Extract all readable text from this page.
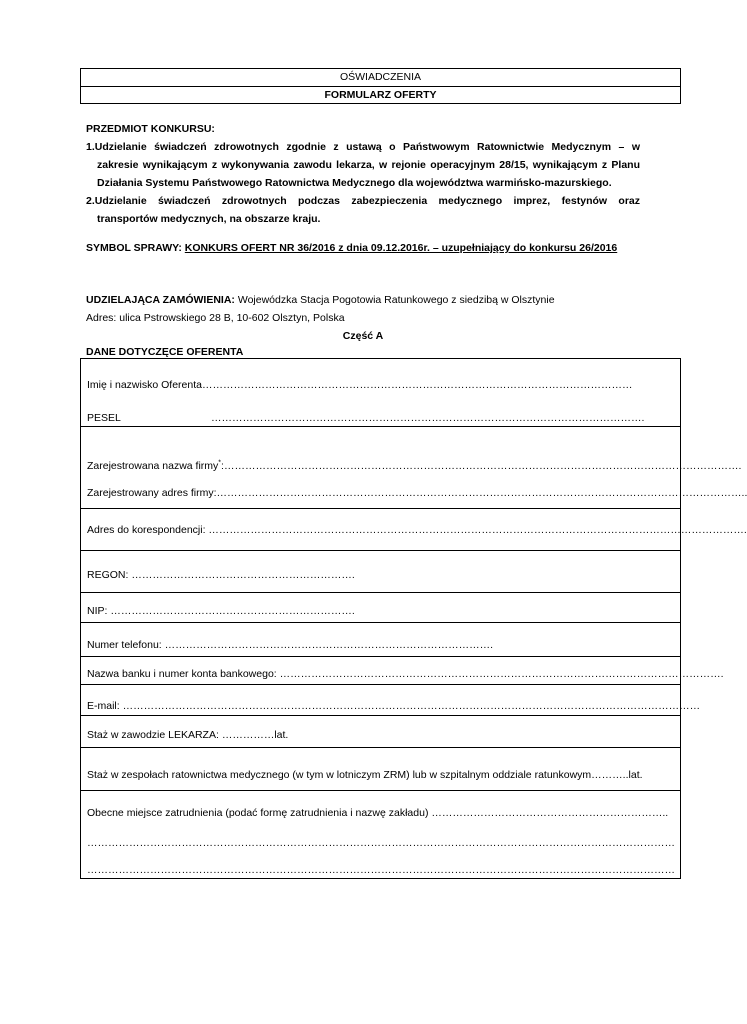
OŚWIADCZENIA
FORMULARZ OFERTY
PRZEDMIOT KONKURSU:
1.Udzielanie świadczeń zdrowotnych zgodnie z ustawą o Państwowym Ratownictwie Medycznym – w
zakresie wynikającym z wykonywania zawodu lekarza, w rejonie operacyjnym 28/15, wynikającym z Planu
Działania Systemu Państwowego Ratownictwa Medycznego dla województwa warmińsko-mazurskiego.
2.Udzielanie świadczeń zdrowotnych podczas zabezpieczenia medycznego imprez, festynów oraz
transportów medycznych, na obszarze kraju.
SYMBOL SPRAWY: KONKURS OFERT NR 36/2016 z dnia 09.12.2016r. – uzupełniający do konkursu 26/2016
UDZIELAJĄCA ZAMÓWIENIA: Wojewódzka Stacja Pogotowia Ratunkowego z siedzibą w Olsztynie
Adres: ulica Pstrowskiego 28 B, 10-602 Olsztyn, Polska
Część A
DANE DOTYCZĘCE OFERENTA
Imię i nazwisko Oferenta……………………………………………………………………………………………………………
PESEL	…………………………………………………………………………………………………………….
Zarejestrowana nazwa firmy*:………………………………………………………………………………………………………………………………….
Zarejestrowany adres firmy:……………………………………………………………………………………………………………………………………..
Adres do korespondencji: ……………………………………………………………………………………………………………………………………….
REGON: ……………………………………………………….
NIP: …………………………………………………………….
Numer telefonu: ………………………………………………………………………………….
Nazwa banku i numer konta bankowego: ……………………………………………………………………………………………………………….
E-mail: …………………………………………………………………………………………………………………………………………………
Staż w zawodzie LEKARZA: ……………lat.
Staż w zespołach ratownictwa medycznego (w tym w lotniczym ZRM) lub w szpitalnym oddziale ratunkowym………..lat.
Obecne miejsce zatrudnienia (podać formę zatrudnienia i nazwę zakładu) …………………………………………………………..
……………………………………………………………………………………………………………………………………………………
……………………………………………………………………………………………………………………………………………………
